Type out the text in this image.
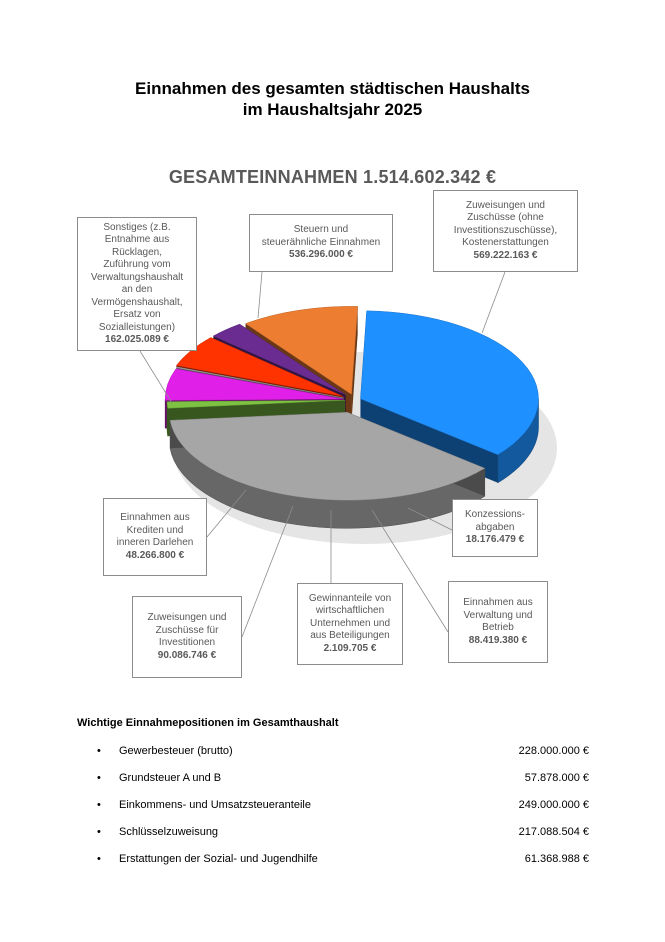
Einnahmen des gesamten städtischen Haushalts
im Haushaltsjahr 2025
GESAMTEINNAHMEN 1.514.602.342 €
Steuern und
steuerähnliche Einnahmen
536.296.000 €
Zuweisungen und
Zuschüsse (ohne
Investitionszuschüsse),
Kostenerstattungen
569.222.163 €
Konzessions-
abgaben
18.176.479 €
Einnahmen aus
Verwaltung und
Betrieb
88.419.380 €
Gewinnanteile von
wirtschaftlichen
Unternehmen und
aus Beteiligungen
2.109.705 €
Zuweisungen und
Zuschüsse für
Investitionen
90.086.746 €
Einnahmen aus
Krediten und
inneren Darlehen
48.266.800 €
Sonstiges (z.B.
Entnahme aus
Rücklagen,
Zuführung vom
Verwaltungshaushalt
an den
Vermögenshaushalt,
Ersatz von
Sozialleistungen)
162.025.089 €
Wichtige Einnahmepositionen im Gesamthaushalt
• Gewerbesteuer (brutto)	228.000.000 €
• Grundsteuer A und B	57.878.000 €
• Einkommens- und Umsatzsteueranteile	249.000.000 €
• Schlüsselzuweisung	217.088.504 €
• Erstattungen der Sozial- und Jugendhilfe	61.368.988 €
